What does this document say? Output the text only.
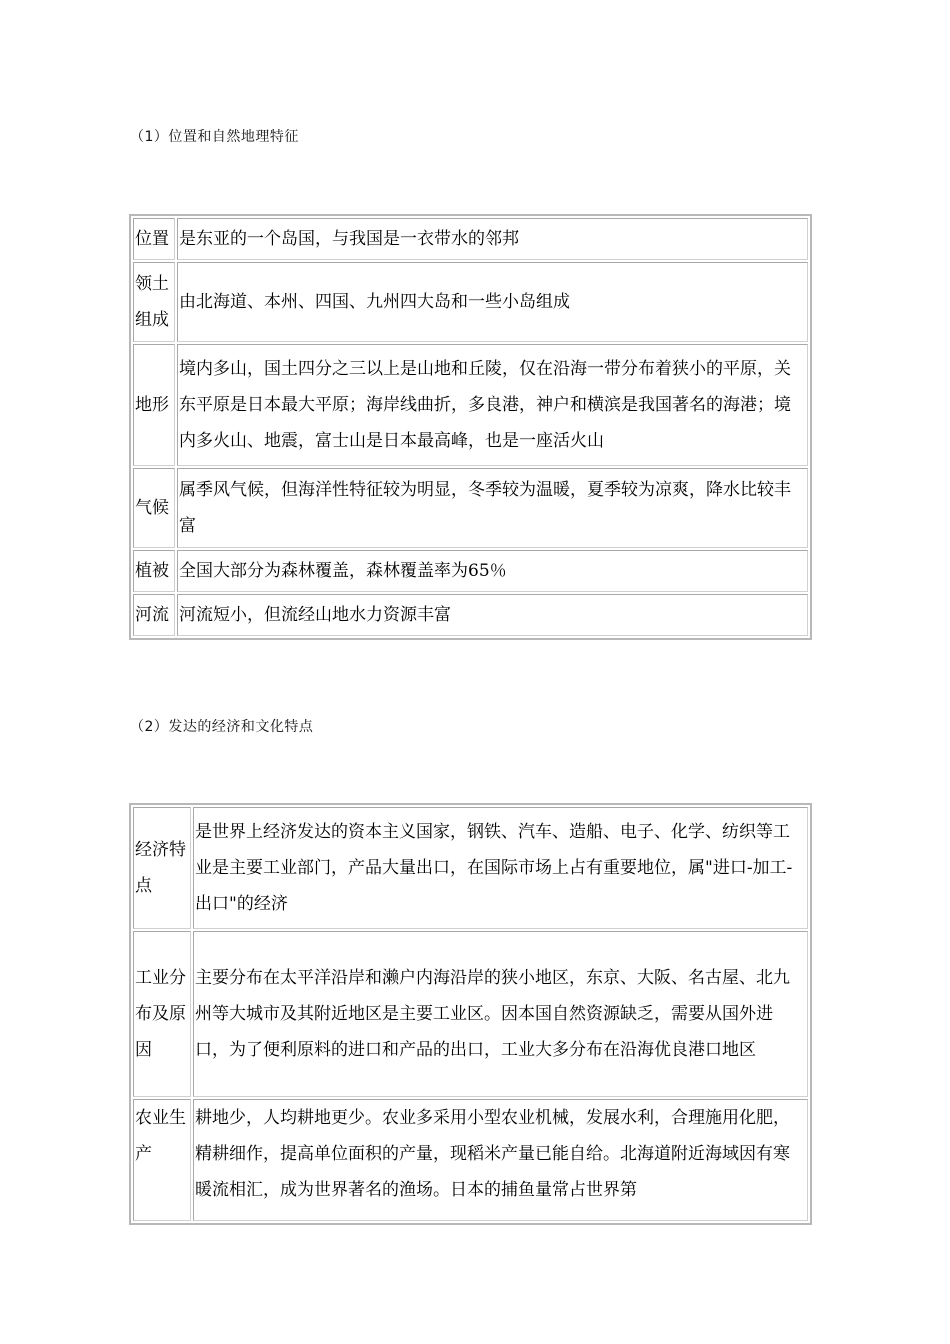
（1）位置和自然地理特征
位置	是东亚的一个岛国，与我国是一衣带水的邻邦
领土组成	由北海道、本州、四国、九州四大岛和一些小岛组成
地形	境内多山，国土四分之三以上是山地和丘陵，仅在沿海一带分布着狭小的平原，关东平原是日本最大平原；海岸线曲折，多良港，神户和横滨是我国著名的海港；境内多火山、地震，富士山是日本最高峰，也是一座活火山
气候	属季风气候，但海洋性特征较为明显，冬季较为温暖，夏季较为凉爽，降水比较丰富
植被	全国大部分为森林覆盖，森林覆盖率为65％
河流	河流短小，但流经山地水力资源丰富
（2）发达的经济和文化特点
经济特点	是世界上经济发达的资本主义国家，钢铁、汽车、造船、电子、化学、纺织等工业是主要工业部门，产品大量出口，在国际市场上占有重要地位，属"进口-加工-出口"的经济
工业分布及原因	主要分布在太平洋沿岸和濑户内海沿岸的狭小地区，东京、大阪、名古屋、北九州等大城市及其附近地区是主要工业区。因本国自然资源缺乏，需要从国外进口，为了便利原料的进口和产品的出口，工业大多分布在沿海优良港口地区
农业生产	耕地少，人均耕地更少。农业多采用小型农业机械，发展水利，合理施用化肥，精耕细作，提高单位面积的产量，现稻米产量已能自给。北海道附近海域因有寒暖流相汇，成为世界著名的渔场。日本的捕鱼量常占世界第
